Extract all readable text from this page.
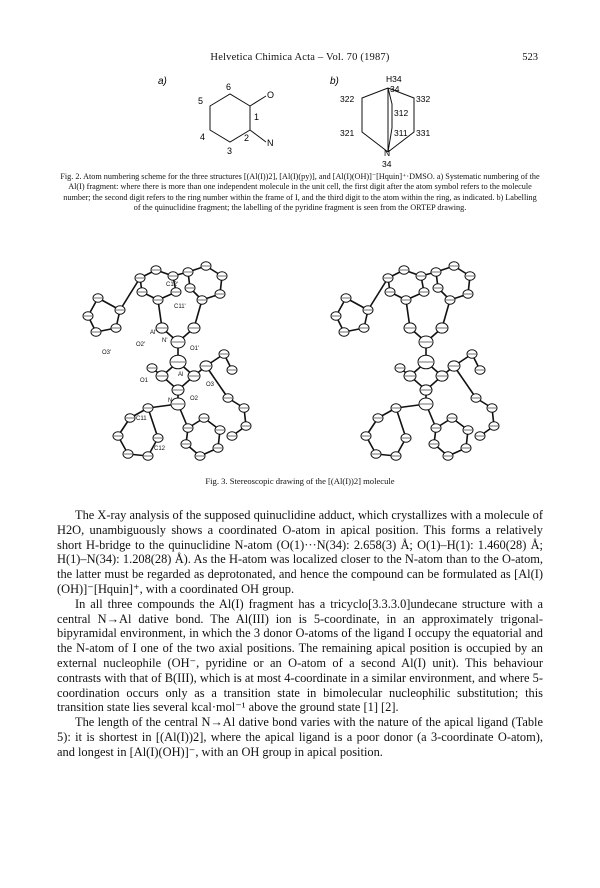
Helvetica Chimica Acta – Vol. 70 (1987)	523
a)	6
5
1
O
4
3
2 N
b)	H34
34
322	332
312
321	311 331
N
34
Fig. 2. Atom numbering scheme for the three structures [(Al(I))2], [Al(I)(py)], and [Al(I)(OH)]⁻[Hquin]⁺·DMSO. a) Systematic numbering of the Al(I) fragment: where there is more than one independent molecule in the unit cell, the first digit after the atom symbol refers to the molecule number; the second digit refers to the ring number within the frame of I, and the third digit to the atom within the ring, as indicated. b) Labelling of the quinuclidine fragment; the labelling of the pyridine fragment is seen from the ORTEP drawing.
C12'
C11'
Al'
O2'
O3'
N'
O1'
Al
O3
O1
N	O2
C11
C12
Fig. 3. Stereoscopic drawing of the [(Al(I))2] molecule

The X-ray analysis of the supposed quinuclidine adduct, which crystallizes with a molecule of H2O, unambiguously shows a coordinated O-atom in apical position. This forms a relatively short H-bridge to the quinuclidine N-atom (O(1)···N(34): 2.658(3) Å; O(1)–H(1): 1.460(28) Å; H(1)–N(34): 1.208(28) Å). As the H-atom was localized closer to the N-atom than to the O-atom, the latter must be regarded as deprotonated, and hence the compound can be formulated as [Al(I)(OH)]⁻[Hquin]⁺, with a coordinated OH group.

In all three compounds the Al(I) fragment has a tricyclo[3.3.3.0]undecane structure with a central N→Al dative bond. The Al(III) ion is 5-coordinate, in an approximately trigonal-bipyramidal environment, in which the 3 donor O-atoms of the ligand I occupy the equatorial and the N-atom of I one of the two axial positions. The remaining apical position is occupied by an external nucleophile (OH⁻, pyridine or an O-atom of a second Al(I) unit). This behaviour contrasts with that of B(III), which is at most 4-coordinate in a similar environment, and where 5-coordination occurs only as a transition state in bimolecular nucleophilic substitution; this transition state lies several kcal·mol⁻¹ above the ground state [1] [2].

The length of the central N→Al dative bond varies with the nature of the apical ligand (Table 5): it is shortest in [(Al(I))2], where the apical ligand is a poor donor (a 3-coordinate O-atom), and longest in [Al(I)(OH)]⁻, with an OH group in apical position.
